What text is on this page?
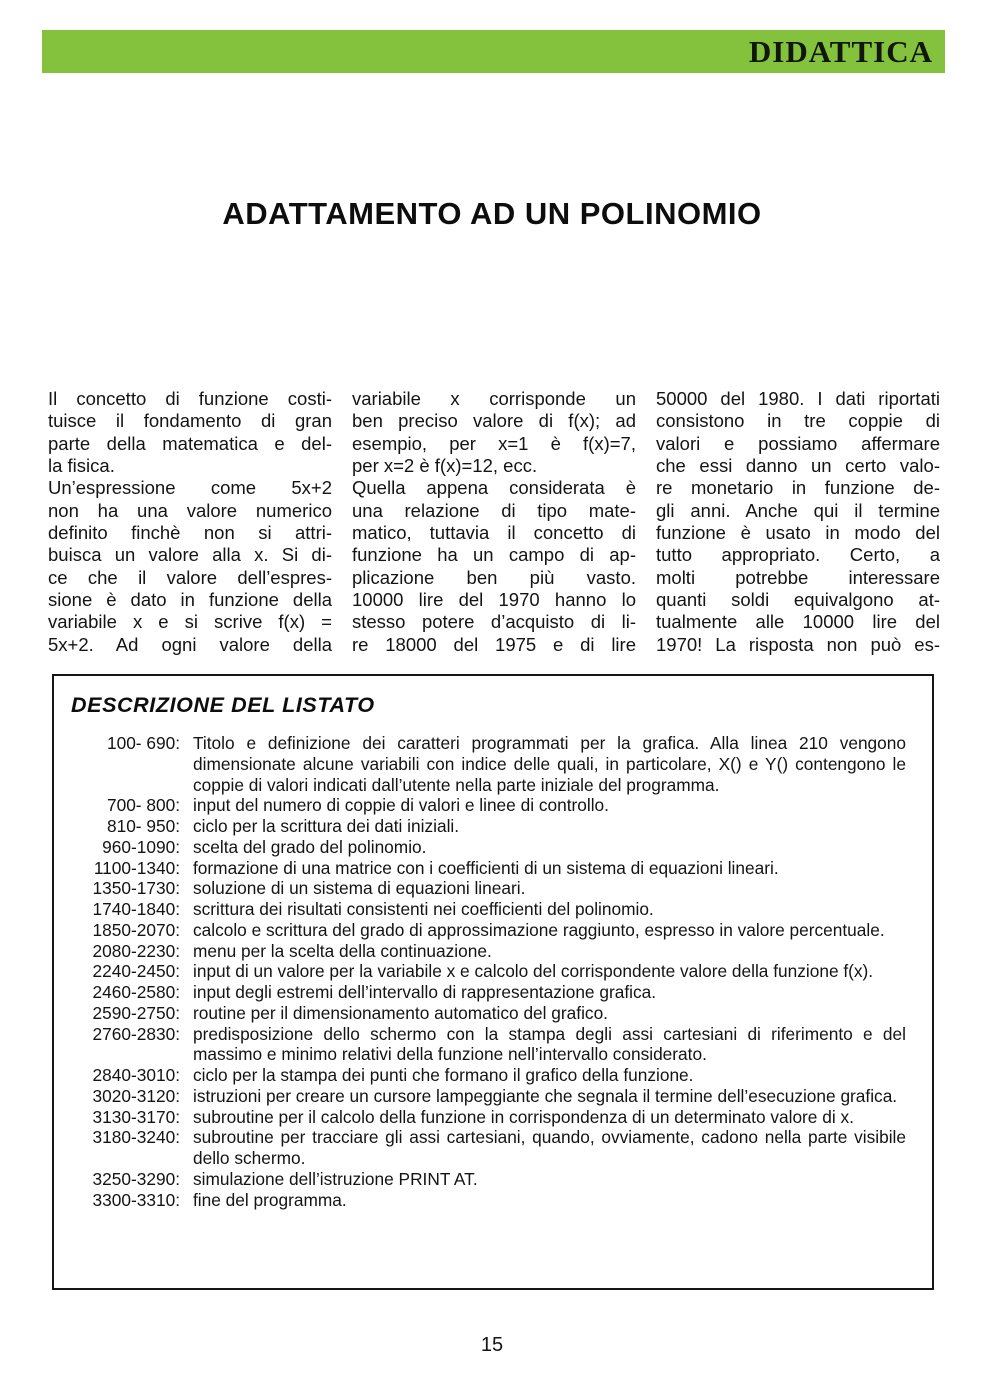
DIDATTICA
ADATTAMENTO AD UN POLINOMIO
Il concetto di funzione costi-
tuisce il fondamento di gran
parte della matematica e del-
la fisica.
Un’espressione come 5x+2
non ha una valore numerico
definito finchè non si attri-
buisca un valore alla x. Si di-
ce che il valore dell’espres-
sione è dato in funzione della
variabile x e si scrive f(x) =
5x+2. Ad ogni valore della
variabile x corrisponde un
ben preciso valore di f(x); ad
esempio, per x=1 è f(x)=7,
per x=2 è f(x)=12, ecc.
Quella appena considerata è
una relazione di tipo mate-
matico, tuttavia il concetto di
funzione ha un campo di ap-
plicazione ben più vasto.
10000 lire del 1970 hanno lo
stesso potere d’acquisto di li-
re 18000 del 1975 e di lire
50000 del 1980. I dati riportati
consistono in tre coppie di
valori e possiamo affermare
che essi danno un certo valo-
re monetario in funzione de-
gli anni. Anche qui il termine
funzione è usato in modo del
tutto appropriato. Certo, a
molti potrebbe interessare
quanti soldi equivalgono at-
tualmente alle 10000 lire del
1970! La risposta non può es-
DESCRIZIONE DEL LISTATO
100- 690: Titolo e definizione dei caratteri programmati per la grafica. Alla linea 210 vengono dimensionate alcune variabili con indice delle quali, in particolare, X() e Y() contengono le coppie di valori indicati dall’utente nella parte iniziale del programma.
700- 800: input del numero di coppie di valori e linee di controllo.
810- 950: ciclo per la scrittura dei dati iniziali.
960-1090: scelta del grado del polinomio.
1100-1340: formazione di una matrice con i coefficienti di un sistema di equazioni lineari.
1350-1730: soluzione di un sistema di equazioni lineari.
1740-1840: scrittura dei risultati consistenti nei coefficienti del polinomio.
1850-2070: calcolo e scrittura del grado di approssimazione raggiunto, espresso in valore percentuale.
2080-2230: menu per la scelta della continuazione.
2240-2450: input di un valore per la variabile x e calcolo del corrispondente valore della funzione f(x).
2460-2580: input degli estremi dell’intervallo di rappresentazione grafica.
2590-2750: routine per il dimensionamento automatico del grafico.
2760-2830: predisposizione dello schermo con la stampa degli assi cartesiani di riferimento e del massimo e minimo relativi della funzione nell’intervallo considerato.
2840-3010: ciclo per la stampa dei punti che formano il grafico della funzione.
3020-3120: istruzioni per creare un cursore lampeggiante che segnala il termine dell’esecuzione grafica.
3130-3170: subroutine per il calcolo della funzione in corrispondenza di un determinato valore di x.
3180-3240: subroutine per tracciare gli assi cartesiani, quando, ovviamente, cadono nella parte visibile dello schermo.
3250-3290: simulazione dell’istruzione PRINT AT.
3300-3310: fine del programma.
15
